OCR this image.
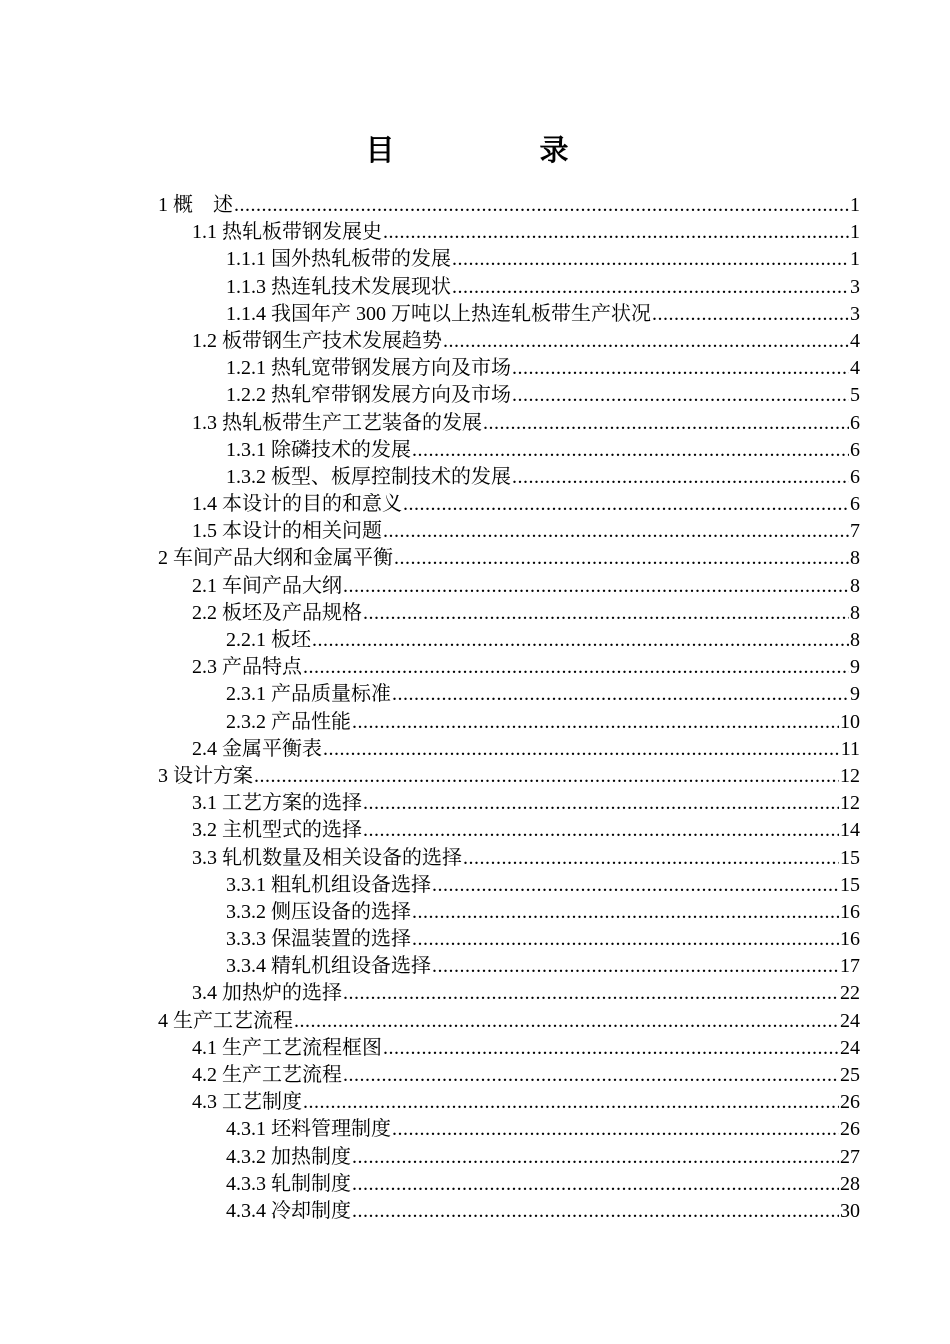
目　录
1 概　述 .....	1
1.1 热轧板带钢发展史 .....	1
1.1.1 国外热轧板带的发展 .....	1
1.1.3 热连轧技术发展现状 .....	3
1.1.4 我国年产 300 万吨以上热连轧板带生产状况 .....	3
1.2 板带钢生产技术发展趋势 .....	4
1.2.1 热轧宽带钢发展方向及市场 .....	4
1.2.2 热轧窄带钢发展方向及市场 .....	5
1.3 热轧板带生产工艺装备的发展 .....	6
1.3.1 除磷技术的发展 .....	6
1.3.2 板型、板厚控制技术的发展 .....	6
1.4 本设计的目的和意义 .....	6
1.5 本设计的相关问题 .....	7
2 车间产品大纲和金属平衡 .....	8
2.1 车间产品大纲 .....	8
2.2 板坯及产品规格 .....	8
2.2.1 板坯 .....	8
2.3 产品特点 .....	9
2.3.1 产品质量标准 .....	9
2.3.2 产品性能 .....	10
2.4 金属平衡表 .....	11
3 设计方案 .....	12
3.1 工艺方案的选择 .....	12
3.2 主机型式的选择 .....	14
3.3 轧机数量及相关设备的选择 .....	15
3.3.1 粗轧机组设备选择 .....	15
3.3.2 侧压设备的选择 .....	16
3.3.3 保温装置的选择 .....	16
3.3.4 精轧机组设备选择 .....	17
3.4 加热炉的选择 .....	22
4 生产工艺流程 .....	24
4.1 生产工艺流程框图 .....	24
4.2 生产工艺流程 .....	25
4.3 工艺制度 .....	26
4.3.1 坯料管理制度 .....	26
4.3.2 加热制度 .....	27
4.3.3 轧制制度 .....	28
4.3.4 冷却制度 .....	30
